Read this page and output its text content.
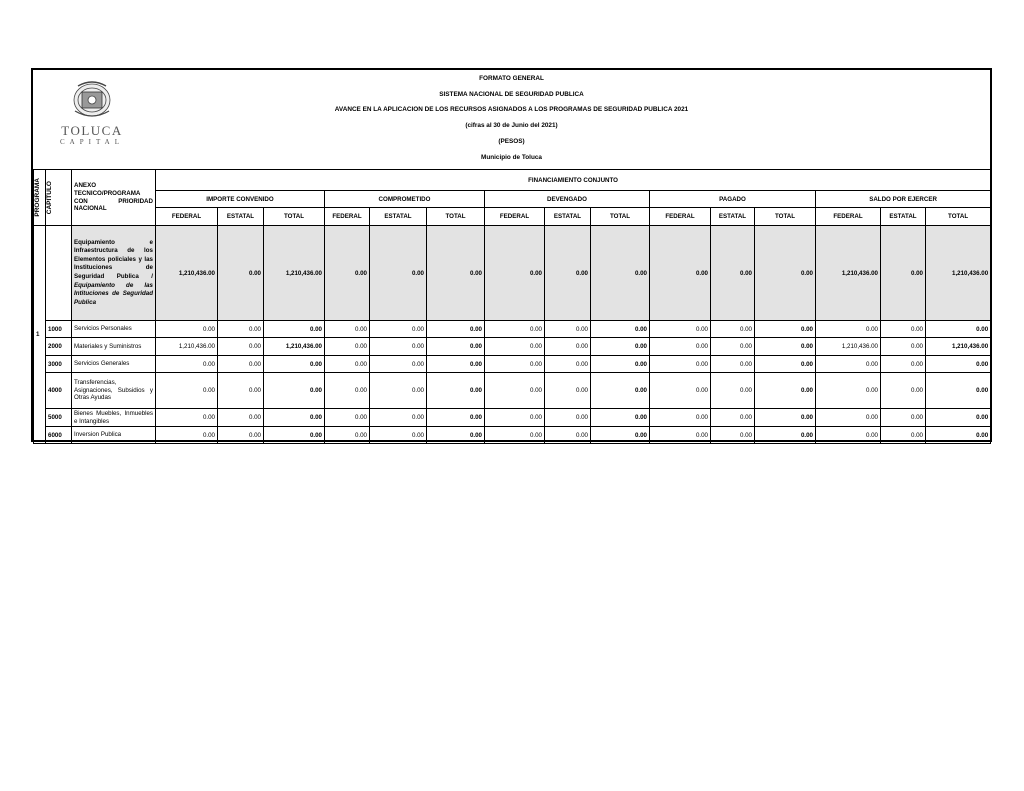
TOLUCA
CAPITAL
FORMATO GENERAL
SISTEMA NACIONAL DE SEGURIDAD PUBLICA
AVANCE EN LA APLICACION DE LOS RECURSOS ASIGNADOS A LOS PROGRAMAS DE SEGURIDAD PUBLICA 2021
(cifras al 30 de Junio del 2021)
(PESOS)
Municipio de Toluca
PROGRAMA	CAPITULO	ANEXO TECNICO/PROGRAMA CON PRIORIDAD NACIONAL	FINANCIAMIENTO CONJUNTO														
			IMPORTE CONVENIDO			COMPROMETIDO			DEVENGADO			PAGADO			SALDO POR EJERCER		
			FEDERAL	ESTATAL	TOTAL	FEDERAL	ESTATAL	TOTAL	FEDERAL	ESTATAL	TOTAL	FEDERAL	ESTATAL	TOTAL	FEDERAL	ESTATAL	TOTAL
1		Equipamiento e Infraestructura de los Elementos policiales y las Instituciones de Seguridad Publica / Equipamiento de las Intituciones de Seguridad Publica	1,210,436.00	0.00	1,210,436.00	0.00	0.00	0.00	0.00	0.00	0.00	0.00	0.00	0.00	1,210,436.00	0.00	1,210,436.00
	1000	Servicios Personales	0.00	0.00	0.00	0.00	0.00	0.00	0.00	0.00	0.00	0.00	0.00	0.00	0.00	0.00	0.00
	2000	Materiales y Suministros	1,210,436.00	0.00	1,210,436.00	0.00	0.00	0.00	0.00	0.00	0.00	0.00	0.00	0.00	1,210,436.00	0.00	1,210,436.00
	3000	Servicios Generales	0.00	0.00	0.00	0.00	0.00	0.00	0.00	0.00	0.00	0.00	0.00	0.00	0.00	0.00	0.00
	4000	Transferencias, Asignaciones, Subsidios y Otras Ayudas	0.00	0.00	0.00	0.00	0.00	0.00	0.00	0.00	0.00	0.00	0.00	0.00	0.00	0.00	0.00
	5000	Bienes Muebles, Inmuebles e Intangibles	0.00	0.00	0.00	0.00	0.00	0.00	0.00	0.00	0.00	0.00	0.00	0.00	0.00	0.00	0.00
	6000	Inversion Publica	0.00	0.00	0.00	0.00	0.00	0.00	0.00	0.00	0.00	0.00	0.00	0.00	0.00	0.00	0.00
